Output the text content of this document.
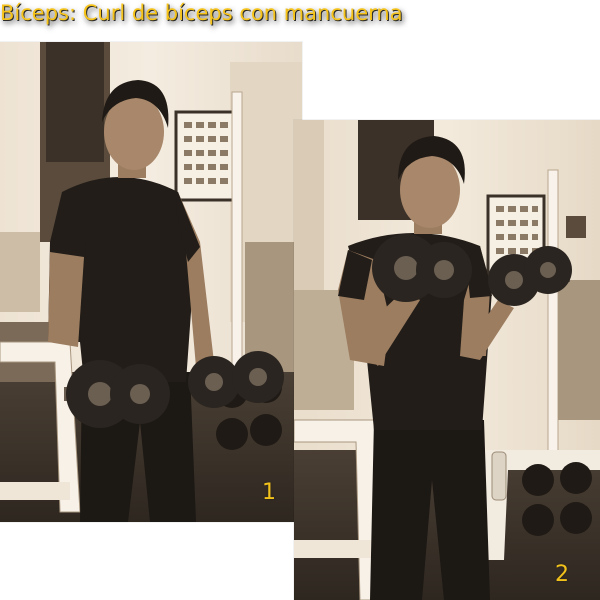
Bíceps: Curl de bíceps con mancuerna
1
2
